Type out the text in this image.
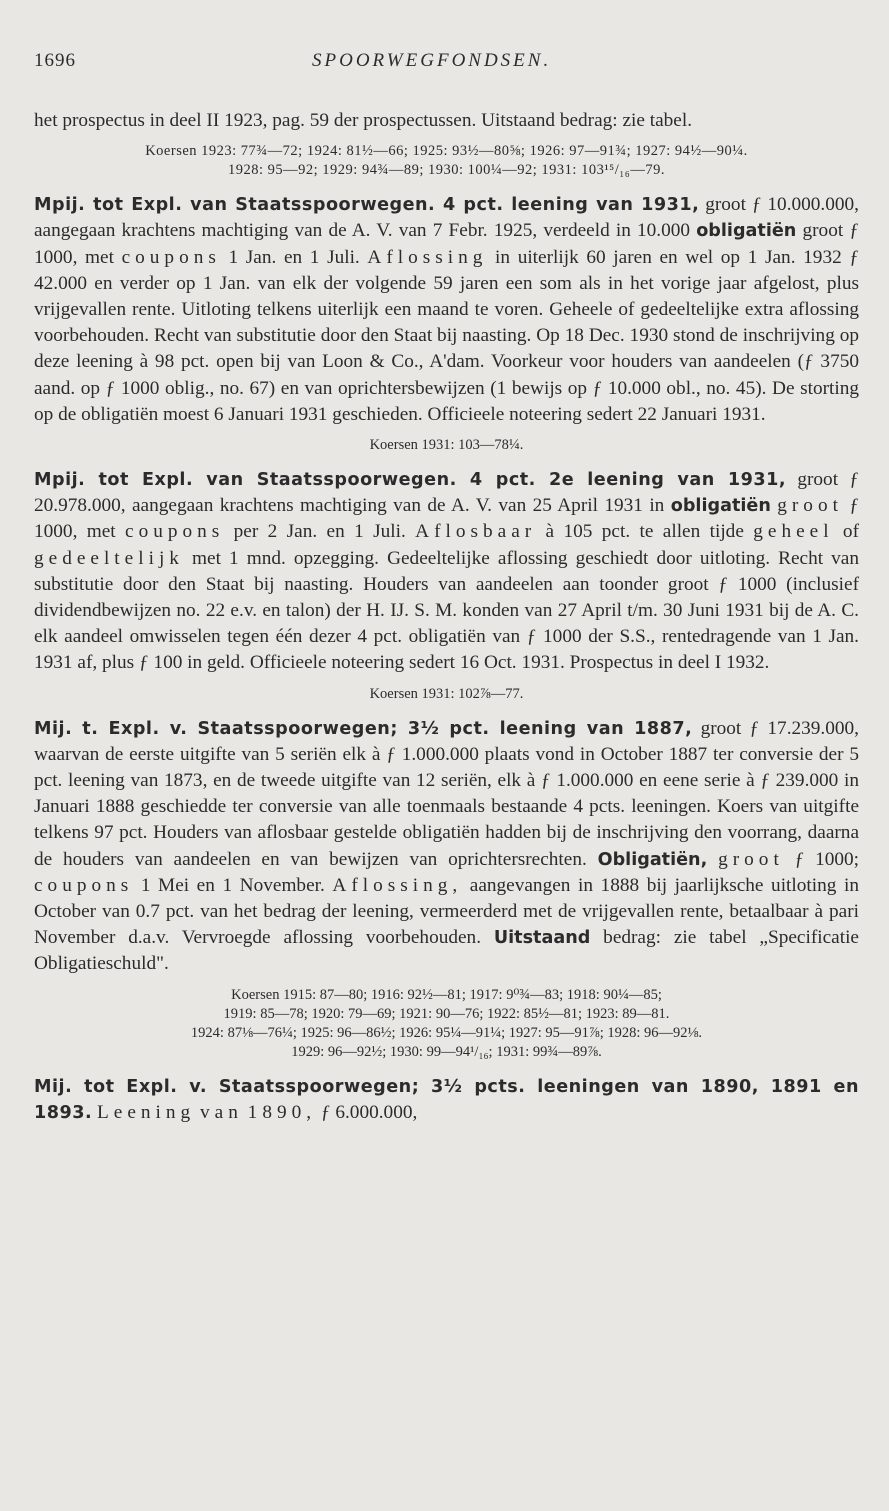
1696	SPOORWEGFONDSEN.

het prospectus in deel II 1923, pag. 59 der prospectussen. Uitstaand bedrag: zie tabel.

Koersen 1923: 77¾—72; 1924: 81½—66; 1925: 93½—80⅝; 1926: 97—91¾; 1927: 94½—90¼.
1928: 95—92; 1929: 94¾—89; 1930: 100¼—92; 1931: 103¹⁵/₁₆—79.

Mpij. tot Expl. van Staatsspoorwegen. 4 pct. leening van 1931, groot ƒ 10.000.000, aangegaan krachtens machtiging van de A. V. van 7 Febr. 1925, verdeeld in 10.000 obligatiën groot ƒ 1000, met coupons 1 Jan. en 1 Juli. Aflossing in uiterlijk 60 jaren en wel op 1 Jan. 1932 ƒ 42.000 en verder op 1 Jan. van elk der volgende 59 jaren een som als in het vorige jaar afgelost, plus vrijgevallen rente. Uitloting telkens uiterlijk een maand te voren. Geheele of gedeeltelijke extra aflossing voorbehouden. Recht van substitutie door den Staat bij naasting. Op 18 Dec. 1930 stond de inschrijving op deze leening à 98 pct. open bij van Loon & Co., A'dam. Voorkeur voor houders van aandeelen (ƒ 3750 aand. op ƒ 1000 oblig., no. 67) en van oprichtersbewijzen (1 bewijs op ƒ 10.000 obl., no. 45). De storting op de obligatiën moest 6 Januari 1931 geschieden. Officieele noteering sedert 22 Januari 1931.

Koersen 1931: 103—78¼.

Mpij. tot Expl. van Staatsspoorwegen. 4 pct. 2e leening van 1931, groot ƒ 20.978.000, aangegaan krachtens machtiging van de A. V. van 25 April 1931 in obligatiën groot ƒ 1000, met coupons per 2 Jan. en 1 Juli. Aflosbaar à 105 pct. te allen tijde geheel of gedeeltelijk met 1 mnd. opzegging. Gedeeltelijke aflossing geschiedt door uitloting. Recht van substitutie door den Staat bij naasting. Houders van aandeelen aan toonder groot ƒ 1000 (inclusief dividendbewijzen no. 22 e.v. en talon) der H. IJ. S. M. konden van 27 April t/m. 30 Juni 1931 bij de A. C. elk aandeel omwisselen tegen één dezer 4 pct. obligatiën van ƒ 1000 der S.S., rentedragende van 1 Jan. 1931 af, plus ƒ 100 in geld. Officieele noteering sedert 16 Oct. 1931. Prospectus in deel I 1932.

Koersen 1931: 102⅞—77.

Mij. t. Expl. v. Staatsspoorwegen; 3½ pct. leening van 1887, groot ƒ 17.239.000, waarvan de eerste uitgifte van 5 seriën elk à ƒ 1.000.000 plaats vond in October 1887 ter conversie der 5 pct. leening van 1873, en de tweede uitgifte van 12 seriën, elk à ƒ 1.000.000 en eene serie à ƒ 239.000 in Januari 1888 geschiedde ter conversie van alle toenmaals bestaande 4 pcts. leeningen. Koers van uitgifte telkens 97 pct. Houders van aflosbaar gestelde obligatiën hadden bij de inschrijving den voorrang, daarna de houders van aandeelen en van bewijzen van oprichtersrechten. Obligatiën, groot ƒ 1000; coupons 1 Mei en 1 November. Aflossing, aangevangen in 1888 bij jaarlijksche uitloting in October van 0.7 pct. van het bedrag der leening, vermeerderd met de vrijgevallen rente, betaalbaar à pari November d.a.v. Vervroegde aflossing voorbehouden. Uitstaand bedrag: zie tabel „Specificatie Obligatieschuld".

Koersen 1915: 87—80; 1916: 92½—81; 1917: 9⁰¾—83; 1918: 90¼—85;
1919: 85—78; 1920: 79—69; 1921: 90—76; 1922: 85½—81; 1923: 89—81.
1924: 87⅛—76¼; 1925: 96—86½; 1926: 95¼—91¼; 1927: 95—91⅞; 1928: 96—92⅛.
1929: 96—92½; 1930: 99—94¹/₁₆; 1931: 99¾—89⅞.

Mij. tot Expl. v. Staatsspoorwegen; 3½ pcts. leeningen van 1890, 1891 en 1893. Leening van 1890, ƒ 6.000.000,
